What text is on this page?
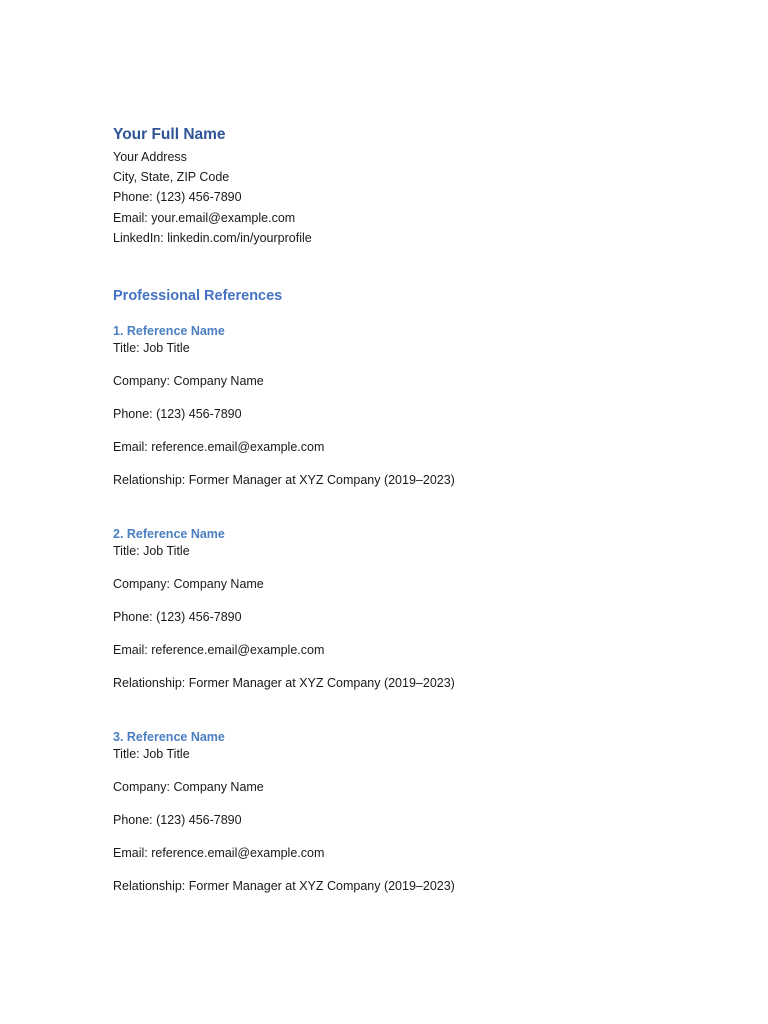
Your Full Name

Your Address

City, State, ZIP Code

Phone: (123) 456-7890

Email: your.email@example.com

LinkedIn: linkedin.com/in/yourprofile

Professional References

1. Reference Name

Title: Job Title

Company: Company Name

Phone: (123) 456-7890

Email: reference.email@example.com

Relationship: Former Manager at XYZ Company (2019–2023)

2. Reference Name

Title: Job Title

Company: Company Name

Phone: (123) 456-7890

Email: reference.email@example.com

Relationship: Former Manager at XYZ Company (2019–2023)

3. Reference Name

Title: Job Title

Company: Company Name

Phone: (123) 456-7890

Email: reference.email@example.com

Relationship: Former Manager at XYZ Company (2019–2023)
